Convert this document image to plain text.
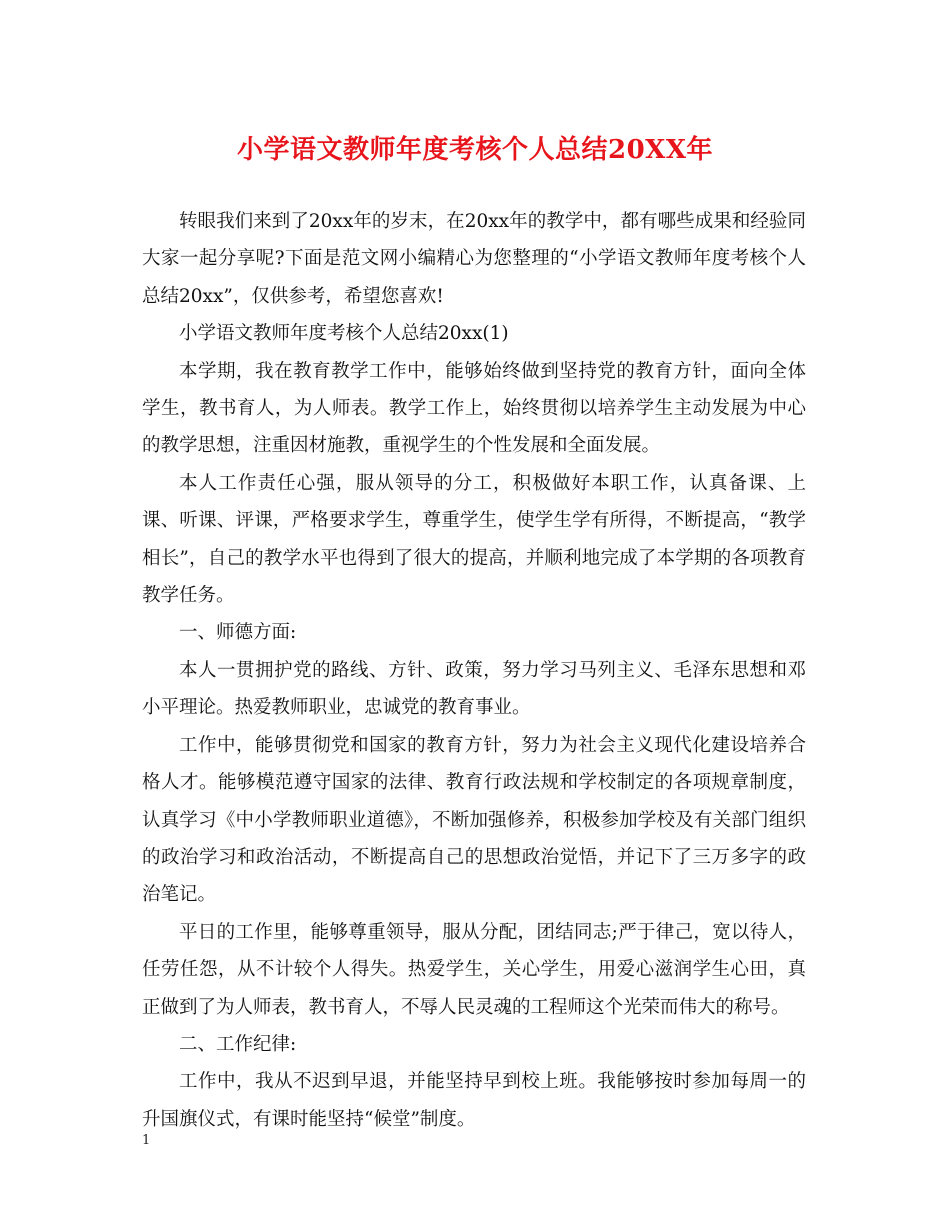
小学语文教师年度考核个人总结20XX年

转眼我们来到了20xx年的岁末，在20xx年的教学中，都有哪些成果和经验同大家一起分享呢?下面是范文网小编精心为您整理的“小学语文教师年度考核个人总结20xx”，仅供参考，希望您喜欢!

小学语文教师年度考核个人总结20xx(1)

本学期，我在教育教学工作中，能够始终做到坚持党的教育方针，面向全体学生，教书育人，为人师表。教学工作上，始终贯彻以培养学生主动发展为中心的教学思想，注重因材施教，重视学生的个性发展和全面发展。

本人工作责任心强，服从领导的分工，积极做好本职工作，认真备课、上课、听课、评课，严格要求学生，尊重学生，使学生学有所得，不断提高，“教学相长”，自己的教学水平也得到了很大的提高，并顺利地完成了本学期的各项教育教学任务。

一、师德方面:

本人一贯拥护党的路线、方针、政策，努力学习马列主义、毛泽东思想和邓小平理论。热爱教师职业，忠诚党的教育事业。

工作中，能够贯彻党和国家的教育方针，努力为社会主义现代化建设培养合格人才。能够模范遵守国家的法律、教育行政法规和学校制定的各项规章制度，认真学习《中小学教师职业道德》，不断加强修养，积极参加学校及有关部门组织的政治学习和政治活动，不断提高自己的思想政治觉悟，并记下了三万多字的政治笔记。

平日的工作里，能够尊重领导，服从分配，团结同志;严于律己，宽以待人，任劳任怨，从不计较个人得失。热爱学生，关心学生，用爱心滋润学生心田，真正做到了为人师表，教书育人，不辱人民灵魂的工程师这个光荣而伟大的称号。

二、工作纪律:

工作中，我从不迟到早退，并能坚持早到校上班。我能够按时参加每周一的升国旗仪式，有课时能坚持“候堂”制度。

1
